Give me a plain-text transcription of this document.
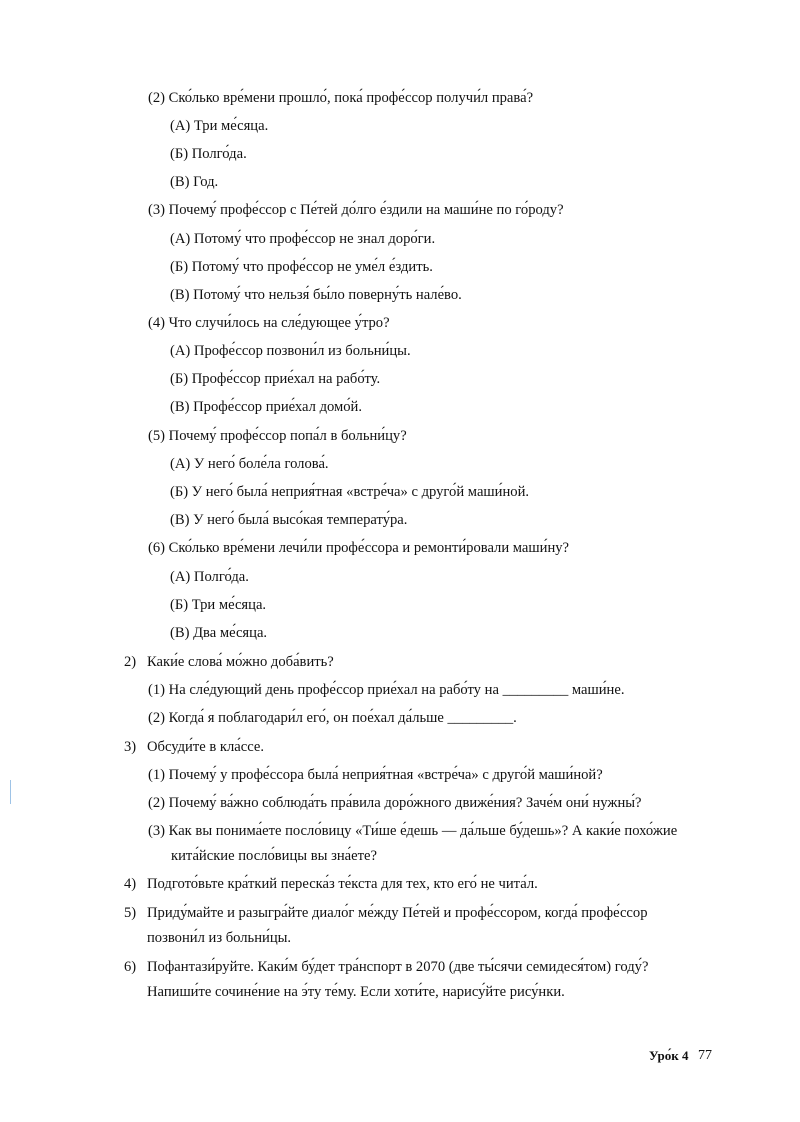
(2) Ско́лько вре́мени прошло́, пока́ профе́ссор получи́л права́?
(А) Три ме́сяца.
(Б) Полго́да.
(В) Год.
(3) Почему́ профе́ссор с Пе́тей до́лго е́здили на маши́не по го́роду?
(А) Потому́ что профе́ссор не знал доро́ги.
(Б) Потому́ что профе́ссор не уме́л е́здить.
(В) Потому́ что нельзя́ бы́ло поверну́ть нале́во.
(4) Что случи́лось на сле́дующее у́тро?
(А) Профе́ссор позвони́л из больни́цы.
(Б) Профе́ссор прие́хал на рабо́ту.
(В) Профе́ссор прие́хал домо́й.
(5) Почему́ профе́ссор попа́л в больни́цу?
(А) У него́ боле́ла голова́.
(Б) У него́ была́ неприя́тная «встре́ча» с друго́й маши́ной.
(В) У него́ была́ высо́кая температу́ра.
(6) Ско́лько вре́мени лечи́ли профе́ссора и ремонти́ровали маши́ну?
(А) Полго́да.
(Б) Три ме́сяца.
(В) Два ме́сяца.
2) Каки́е слова́ мо́жно доба́вить?
(1) На сле́дующий день профе́ссор прие́хал на рабо́ту на _________ маши́не.
(2) Когда́ я поблагодари́л его́, он пое́хал да́льше _________.
3) Обсуди́те в кла́ссе.
(1) Почему́ у профе́ссора была́ неприя́тная «встре́ча» с друго́й маши́ной?
(2) Почему́ ва́жно соблюда́ть пра́вила доро́жного движе́ния? Заче́м они́ нужны́?
(3) Как вы понима́ете посло́вицу «Ти́ше е́дешь — да́льше бу́дешь»? А каки́е похо́жие
кита́йские посло́вицы вы зна́ете?
4) Подгото́вьте кра́ткий переска́з те́кста для тех, кто его́ не чита́л.
5) Приду́майте и разыгра́йте диало́г ме́жду Пе́тей и профе́ссором, когда́ профе́ссор
позвони́л из больни́цы.
6) Пофантази́руйте. Каки́м бу́дет тра́нспорт в 2070 (две ты́сячи семидеся́том) году́?
Напиши́те сочине́ние на э́ту те́му. Если хоти́те, нарису́йте рису́нки.
Уро́к 4 77
